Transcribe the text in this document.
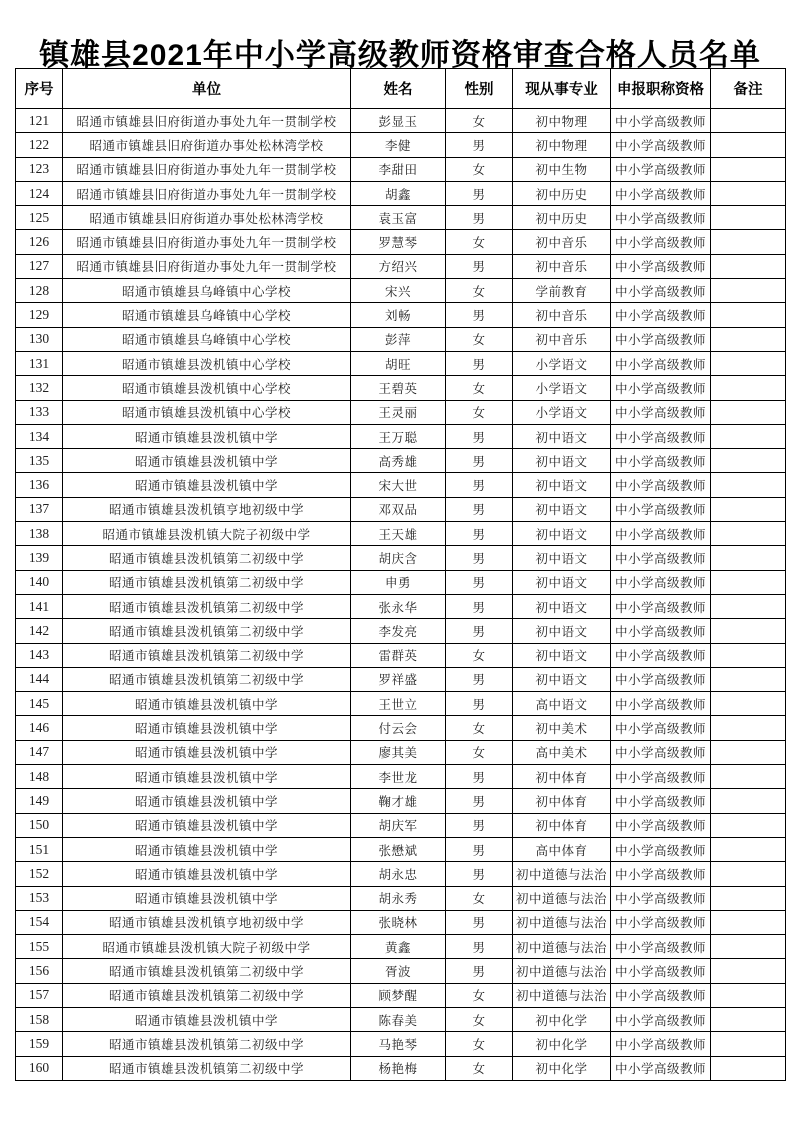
镇雄县2021年中小学高级教师资格审查合格人员名单
序号	单位	姓名	性别	现从事专业	申报职称资格	备注
121	昭通市镇雄县旧府街道办事处九年一贯制学校	彭显玉	女	初中物理	中小学高级教师	
122	昭通市镇雄县旧府街道办事处松林湾学校	李健	男	初中物理	中小学高级教师	
123	昭通市镇雄县旧府街道办事处九年一贯制学校	李甜田	女	初中生物	中小学高级教师	
124	昭通市镇雄县旧府街道办事处九年一贯制学校	胡鑫	男	初中历史	中小学高级教师	
125	昭通市镇雄县旧府街道办事处松林湾学校	袁玉富	男	初中历史	中小学高级教师	
126	昭通市镇雄县旧府街道办事处九年一贯制学校	罗慧琴	女	初中音乐	中小学高级教师	
127	昭通市镇雄县旧府街道办事处九年一贯制学校	方绍兴	男	初中音乐	中小学高级教师	
128	昭通市镇雄县乌峰镇中心学校	宋兴	女	学前教育	中小学高级教师	
129	昭通市镇雄县乌峰镇中心学校	刘畅	男	初中音乐	中小学高级教师	
130	昭通市镇雄县乌峰镇中心学校	彭萍	女	初中音乐	中小学高级教师	
131	昭通市镇雄县泼机镇中心学校	胡旺	男	小学语文	中小学高级教师	
132	昭通市镇雄县泼机镇中心学校	王碧英	女	小学语文	中小学高级教师	
133	昭通市镇雄县泼机镇中心学校	王灵丽	女	小学语文	中小学高级教师	
134	昭通市镇雄县泼机镇中学	王万聪	男	初中语文	中小学高级教师	
135	昭通市镇雄县泼机镇中学	高秀雄	男	初中语文	中小学高级教师	
136	昭通市镇雄县泼机镇中学	宋大世	男	初中语文	中小学高级教师	
137	昭通市镇雄县泼机镇亨地初级中学	邓双品	男	初中语文	中小学高级教师	
138	昭通市镇雄县泼机镇大院子初级中学	王天雄	男	初中语文	中小学高级教师	
139	昭通市镇雄县泼机镇第二初级中学	胡庆含	男	初中语文	中小学高级教师	
140	昭通市镇雄县泼机镇第二初级中学	申勇	男	初中语文	中小学高级教师	
141	昭通市镇雄县泼机镇第二初级中学	张永华	男	初中语文	中小学高级教师	
142	昭通市镇雄县泼机镇第二初级中学	李发亮	男	初中语文	中小学高级教师	
143	昭通市镇雄县泼机镇第二初级中学	雷群英	女	初中语文	中小学高级教师	
144	昭通市镇雄县泼机镇第二初级中学	罗祥盛	男	初中语文	中小学高级教师	
145	昭通市镇雄县泼机镇中学	王世立	男	高中语文	中小学高级教师	
146	昭通市镇雄县泼机镇中学	付云会	女	初中美术	中小学高级教师	
147	昭通市镇雄县泼机镇中学	廖其美	女	高中美术	中小学高级教师	
148	昭通市镇雄县泼机镇中学	李世龙	男	初中体育	中小学高级教师	
149	昭通市镇雄县泼机镇中学	鞠才雄	男	初中体育	中小学高级教师	
150	昭通市镇雄县泼机镇中学	胡庆军	男	初中体育	中小学高级教师	
151	昭通市镇雄县泼机镇中学	张懋斌	男	高中体育	中小学高级教师	
152	昭通市镇雄县泼机镇中学	胡永忠	男	初中道德与法治	中小学高级教师	
153	昭通市镇雄县泼机镇中学	胡永秀	女	初中道德与法治	中小学高级教师	
154	昭通市镇雄县泼机镇亨地初级中学	张晓林	男	初中道德与法治	中小学高级教师	
155	昭通市镇雄县泼机镇大院子初级中学	黄鑫	男	初中道德与法治	中小学高级教师	
156	昭通市镇雄县泼机镇第二初级中学	胥波	男	初中道德与法治	中小学高级教师	
157	昭通市镇雄县泼机镇第二初级中学	顾梦醒	女	初中道德与法治	中小学高级教师	
158	昭通市镇雄县泼机镇中学	陈春美	女	初中化学	中小学高级教师	
159	昭通市镇雄县泼机镇第二初级中学	马艳琴	女	初中化学	中小学高级教师	
160	昭通市镇雄县泼机镇第二初级中学	杨艳梅	女	初中化学	中小学高级教师	
